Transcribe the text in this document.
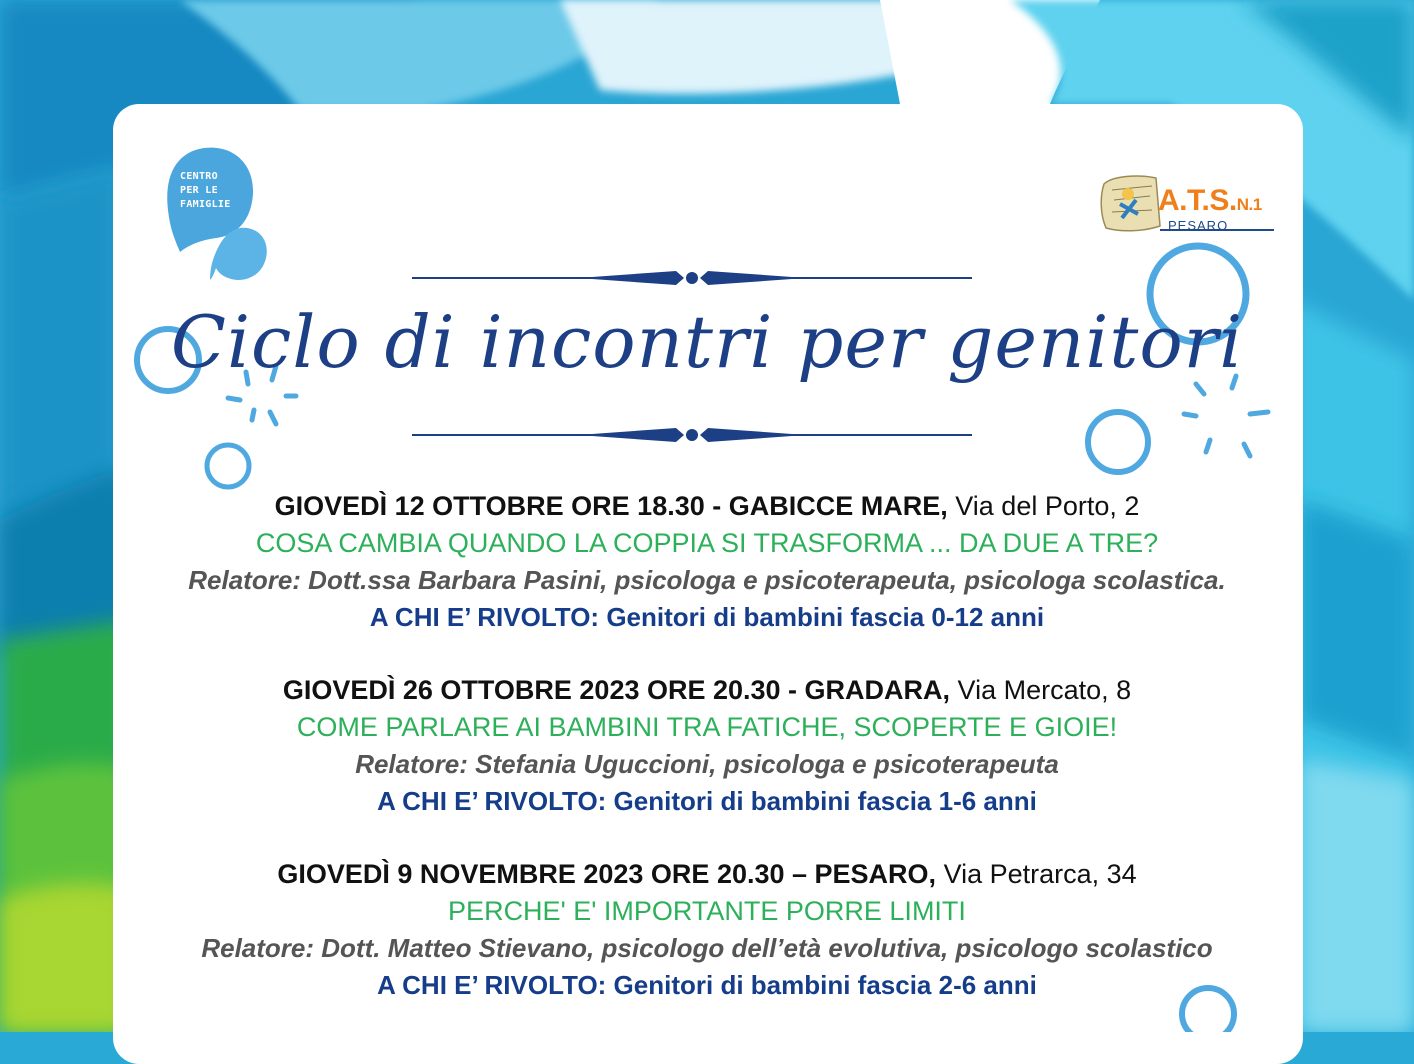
CENTRO
PER LE
FAMIGLIE	A.T.S.N.1
PESARO
Ciclo di incontri per genitori
GIOVEDÌ 12 OTTOBRE ORE 18.30 - GABICCE MARE, Via del Porto, 2
COSA CAMBIA QUANDO LA COPPIA SI TRASFORMA ... DA DUE A TRE?
Relatore: Dott.ssa Barbara Pasini, psicologa e psicoterapeuta, psicologa scolastica.
A CHI E’ RIVOLTO: Genitori di bambini fascia 0-12 anni
GIOVEDÌ 26 OTTOBRE 2023 ORE 20.30 - GRADARA, Via Mercato, 8
COME PARLARE AI BAMBINI TRA FATICHE, SCOPERTE E GIOIE!
Relatore: Stefania Uguccioni, psicologa e psicoterapeuta
A CHI E’ RIVOLTO: Genitori di bambini fascia 1-6 anni
GIOVEDÌ 9 NOVEMBRE 2023 ORE 20.30 – PESARO, Via Petrarca, 34
PERCHE' E' IMPORTANTE PORRE LIMITI
Relatore: Dott. Matteo Stievano, psicologo dell’età evolutiva, psicologo scolastico
A CHI E’ RIVOLTO: Genitori di bambini fascia 2-6 anni
